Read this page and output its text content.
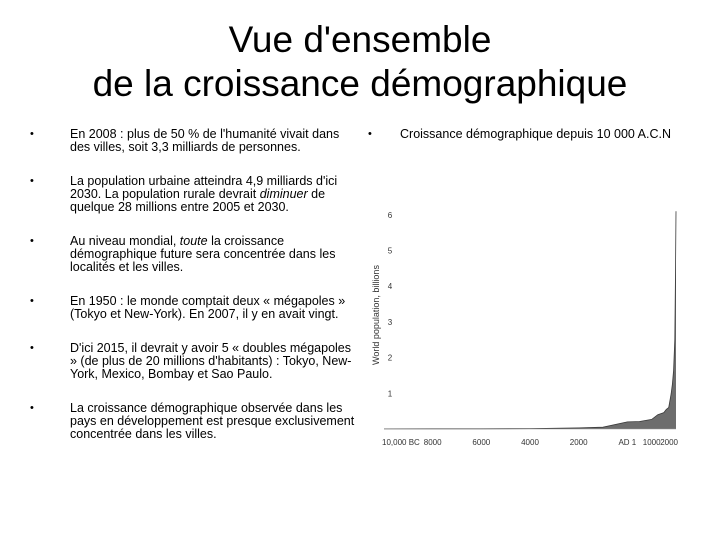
Vue d'ensemble
de la croissance démographique
•	En 2008 : plus de 50 % de l'humanité vivait dans des villes, soit 3,3 milliards de personnes.
•	La population urbaine atteindra 4,9 milliards d'ici 2030. La population rurale devrait diminuer de quelque 28 millions entre 2005 et 2030.
•	Au niveau mondial, toute la croissance démographique future sera concentrée dans les localités et les villes.
•	En 1950 : le monde comptait deux « mégapoles » (Tokyo et New-York). En 2007, il y en avait vingt.
•	D'ici 2015, il devrait y avoir 5 « doubles mégapoles » (de plus de 20 millions d'habitants) : Tokyo, New-York, Mexico, Bombay et Sao Paulo.
•	La croissance démographique observée dans les pays en développement est presque exclusivement concentrée dans les villes.
• Croissance démographique depuis 10 000 A.C.N
World population, billions
1
2
3
4
5
6
10,000 BC 8000	6000	4000	2000	AD 1 1000 2000
